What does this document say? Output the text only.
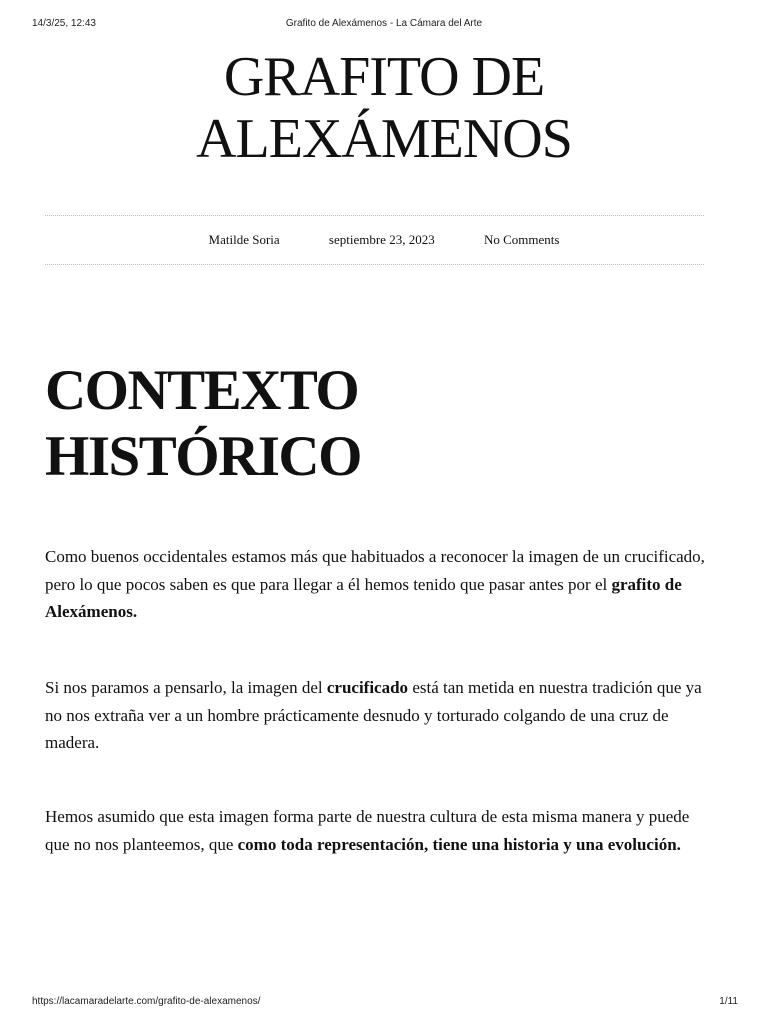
14/3/25, 12:43	Grafito de Alexámenos - La Cámara del Arte
GRAFITO DE
ALEXÁMENOS
Matilde Soria	septiembre 23, 2023	No Comments
CONTEXTO
HISTÓRICO

Como buenos occidentales estamos más que habituados a reconocer la imagen de un crucificado, pero lo que pocos saben es que para llegar a él hemos tenido que pasar antes por el grafito de Alexámenos.

Si nos paramos a pensarlo, la imagen del crucificado está tan metida en nuestra tradición que ya no nos extraña ver a un hombre prácticamente desnudo y torturado colgando de una cruz de madera.

Hemos asumido que esta imagen forma parte de nuestra cultura de esta misma manera y puede que no nos planteemos, que como toda representación, tiene una historia y una evolución.

https://lacamaradelarte.com/grafito-de-alexamenos/	1/11
